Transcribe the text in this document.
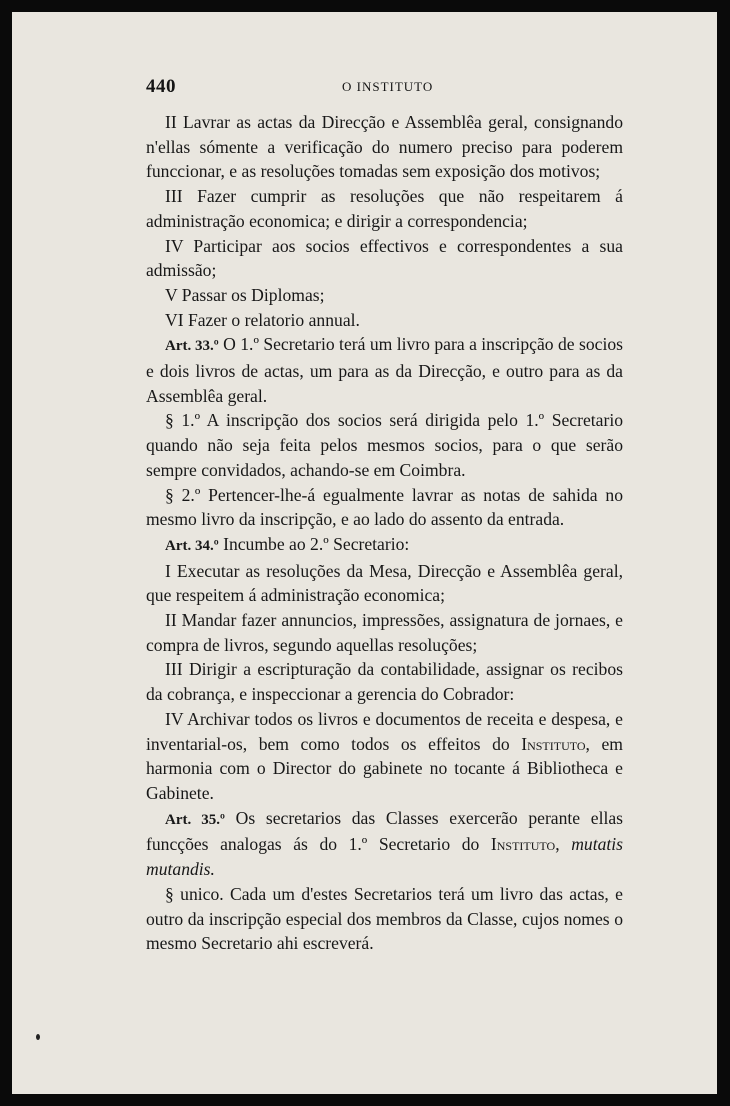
440	O INSTITUTO

II Lavrar as actas da Direcção e Assemblêa geral, consignando n'ellas sómente a verificação do numero preciso para poderem funccionar, e as resoluções tomadas sem exposição dos motivos;

III Fazer cumprir as resoluções que não respeitarem á administração economica; e dirigir a correspondencia;

IV Participar aos socios effectivos e correspondentes a sua admissão;

V Passar os Diplomas;

VI Fazer o relatorio annual.

Art. 33.º O 1.º Secretario terá um livro para a inscripção de socios e dois livros de actas, um para as da Direcção, e outro para as da Assemblêa geral.

§ 1.º A inscripção dos socios será dirigida pelo 1.º Secretario quando não seja feita pelos mesmos socios, para o que serão sempre convidados, achando-se em Coimbra.

§ 2.º Pertencer-lhe-á egualmente lavrar as notas de sahida no mesmo livro da inscripção, e ao lado do assento da entrada.

Art. 34.º Incumbe ao 2.º Secretario:

I Executar as resoluções da Mesa, Direcção e Assemblêa geral, que respeitem á administração economica;

II Mandar fazer annuncios, impressões, assignatura de jornaes, e compra de livros, segundo aquellas resoluções;

III Dirigir a escripturação da contabilidade, assignar os recibos da cobrança, e inspeccionar a gerencia do Cobrador:

IV Archivar todos os livros e documentos de receita e despesa, e inventarial-os, bem como todos os effeitos do Instituto, em harmonia com o Director do gabinete no tocante á Bibliotheca e Gabinete.

Art. 35.º Os secretarios das Classes exercerão perante ellas funcções analogas ás do 1.º Secretario do Instituto, mutatis mutandis.

§ unico. Cada um d'estes Secretarios terá um livro das actas, e outro da inscripção especial dos membros da Classe, cujos nomes o mesmo Secretario ahi escreverá.
